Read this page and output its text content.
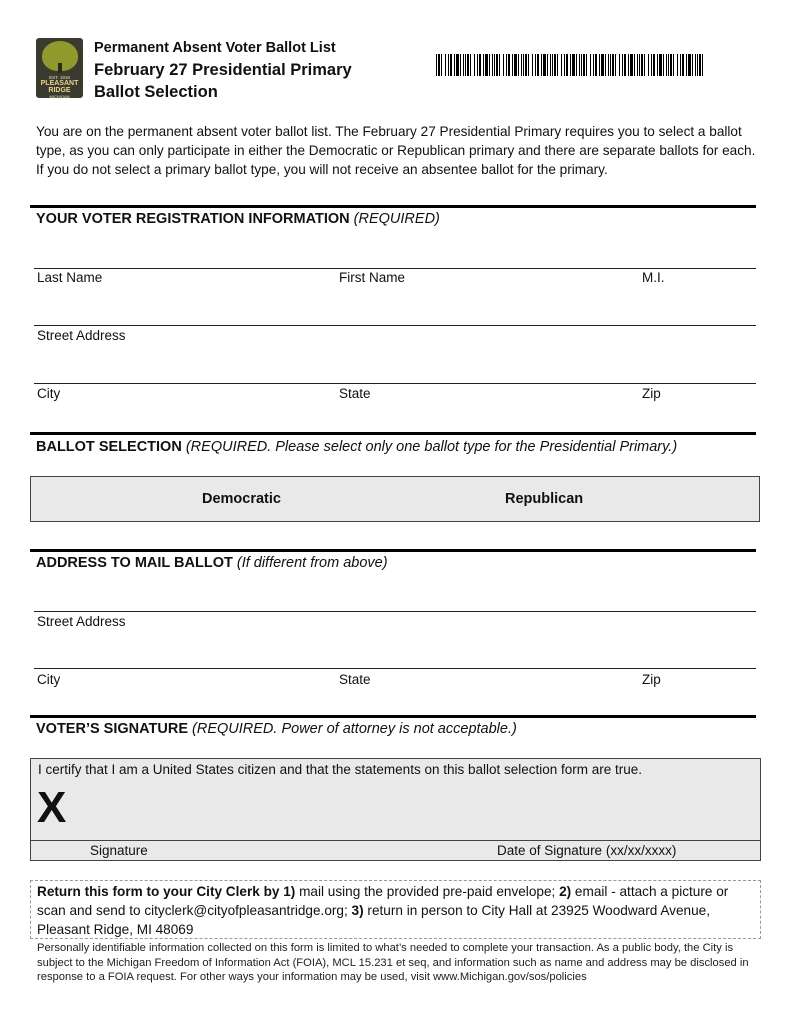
EST. 1919
PLEASANT RIDGE
MICHIGAN
Permanent Absent Voter Ballot List
February 27 Presidential Primary
Ballot Selection
You are on the permanent absent voter ballot list. The February 27 Presidential Primary requires you to select a ballot type, as you can only participate in either the Democratic or Republican primary and there are separate ballots for each. If you do not select a primary ballot type, you will not receive an absentee ballot for the primary.
YOUR VOTER REGISTRATION INFORMATION (REQUIRED)
Last Name	First Name	M.I.
Street Address
City	State	Zip
BALLOT SELECTION (REQUIRED. Please select only one ballot type for the Presidential Primary.)
Democratic	Republican
ADDRESS TO MAIL BALLOT (If different from above)
Street Address
City	State	Zip
VOTER’S SIGNATURE (REQUIRED. Power of attorney is not acceptable.)
I certify that I am a United States citizen and that the statements on this ballot selection form are true.
X
Signature	Date of Signature (xx/xx/xxxx)
Return this form to your City Clerk by 1) mail using the provided pre-paid envelope; 2) email - attach a picture or scan and send to cityclerk@cityofpleasantridge.org; 3) return in person to City Hall at 23925 Woodward Avenue, Pleasant Ridge, MI 48069
Personally identifiable information collected on this form is limited to what’s needed to complete your transaction. As a public body, the City is subject to the Michigan Freedom of Information Act (FOIA), MCL 15.231 et seq, and information such as name and address may be disclosed in response to a FOIA request. For other ways your information may be used, visit www.Michigan.gov/sos/policies
